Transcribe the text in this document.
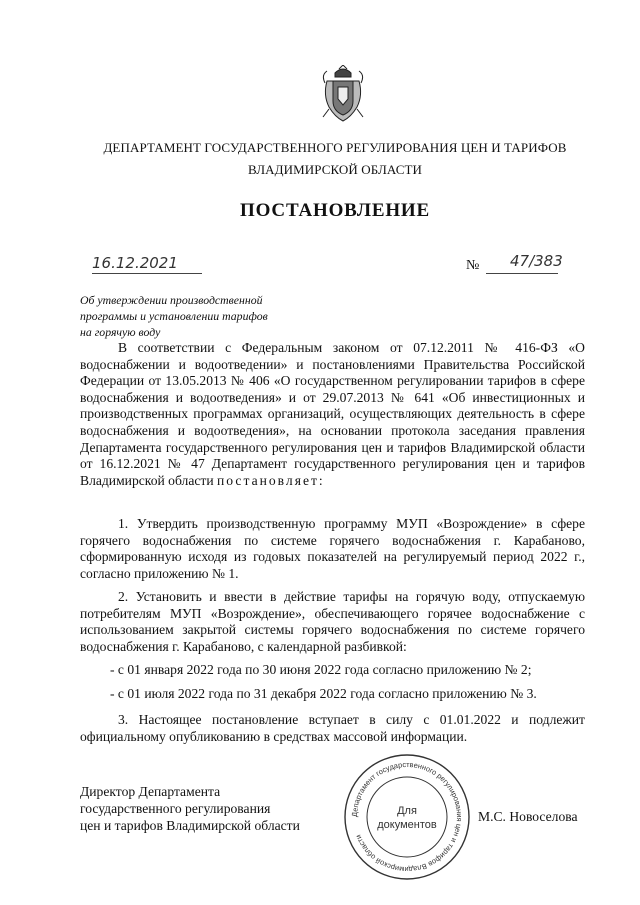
ДЕПАРТАМЕНТ ГОСУДАРСТВЕННОГО РЕГУЛИРОВАНИЯ ЦЕН И ТАРИФОВ
ВЛАДИМИРСКОЙ ОБЛАСТИ
ПОСТАНОВЛЕНИЕ
16.12.2021	№ 47/383
Об утверждении производственной
программы и установлении тарифов
на горячую воду
В соответствии с Федеральным законом от 07.12.2011 № 416-ФЗ «О водоснабжении и водоотведении» и постановлениями Правительства Российской Федерации от 13.05.2013 № 406 «О государственном регулировании тарифов в сфере водоснабжения и водоотведения» и от 29.07.2013 № 641 «Об инвестиционных и производственных программах организаций, осуществляющих деятельность в сфере водоснабжения и водоотведения», на основании протокола заседания правления Департамента государственного регулирования цен и тарифов Владимирской области от 16.12.2021 № 47 Департамент государственного регулирования цен и тарифов Владимирской области постановляет:
1. Утвердить производственную программу МУП «Возрождение» в сфере горячего водоснабжения по системе горячего водоснабжения г. Карабаново, сформированную исходя из годовых показателей на регулируемый период 2022 г., согласно приложению № 1.
2. Установить и ввести в действие тарифы на горячую воду, отпускаемую потребителям МУП «Возрождение», обеспечивающего горячее водоснабжение с использованием закрытой системы горячего водоснабжения по системе горячего водоснабжения г. Карабаново, с календарной разбивкой:
- с 01 января 2022 года по 30 июня 2022 года согласно приложению № 2;
- с 01 июля 2022 года по 31 декабря 2022 года согласно приложению № 3.
3. Настоящее постановление вступает в силу с 01.01.2022 и подлежит официальному опубликованию в средствах массовой информации.
Директор Департамента
государственного регулирования
цен и тарифов Владимирской области
М.С. Новоселова
Департамент государственного регулирования цен и тарифов Владимирской области
Для
документов
